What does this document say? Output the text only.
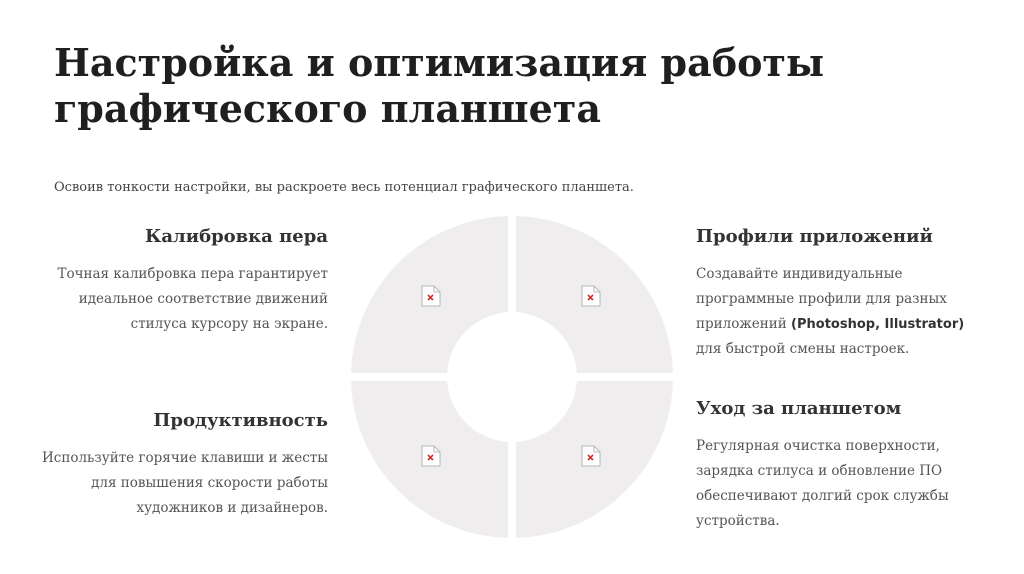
Настройка и оптимизация работы графического планшета

Освоив тонкости настройки, вы раскроете весь потенциал графического планшета.

Калибровка пера

Точная калибровка пера гарантирует идеальное соответствие движений стилуса курсору на экране.

Продуктивность

Используйте горячие клавиши и жесты для повышения скорости работы художников и дизайнеров.

Профили приложений

Создавайте индивидуальные программные профили для разных приложений (Photoshop, Illustrator) для быстрой смены настроек.

Уход за планшетом

Регулярная очистка поверхности, зарядка стилуса и обновление ПО обеспечивают долгий срок службы устройства.
